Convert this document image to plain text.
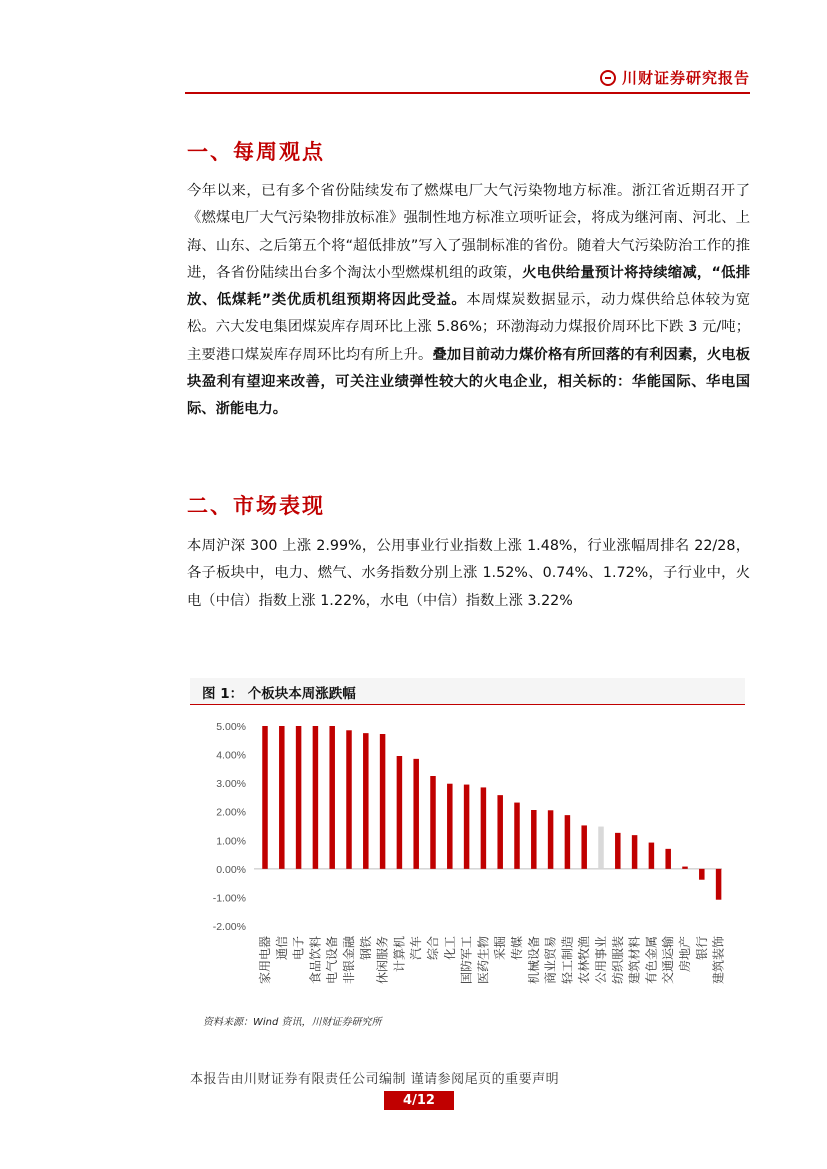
川财证券研究报告
一、每周观点
今年以来，已有多个省份陆续发布了燃煤电厂大气污染物地方标准。浙江省近期召开了《燃煤电厂大气污染物排放标准》强制性地方标准立项听证会，将成为继河南、河北、上海、山东、之后第五个将“超低排放”写入了强制标准的省份。随着大气污染防治工作的推进，各省份陆续出台多个淘汰小型燃煤机组的政策，火电供给量预计将持续缩减，“低排放、低煤耗”类优质机组预期将因此受益。本周煤炭数据显示，动力煤供给总体较为宽松。六大发电集团煤炭库存周环比上涨 5.86%；环渤海动力煤报价周环比下跌 3 元/吨；主要港口煤炭库存周环比均有所上升。叠加目前动力煤价格有所回落的有利因素，火电板块盈利有望迎来改善，可关注业绩弹性较大的火电企业，相关标的：华能国际、华电国际、浙能电力。
二、市场表现
本周沪深 300 上涨 2.99%，公用事业行业指数上涨 1.48%，行业涨幅周排名 22/28，各子板块中，电力、燃气、水务指数分别上涨 1.52%、0.74%、1.72%，子行业中，火电（中信）指数上涨 1.22%，水电（中信）指数上涨 3.22%
图 1： 个板块本周涨跌幅
5.00%
4.00%
3.00%
2.00%
1.00%
0.00%
-1.00%
-2.00%
家用电器 通信 电子 食品饮料 电气设备 非银金融 钢铁 休闲服务 计算机 汽车 综合 化工 国防军工 医药生物 采掘 传媒 机械设备 商业贸易 轻工制造 农林牧渔 公用事业 纺织服装 建筑材料 有色金属 交通运输 房地产 银行 建筑装饰
资料来源：Wind 资讯，川财证券研究所
本报告由川财证券有限责任公司编制 谨请参阅尾页的重要声明
4/12
